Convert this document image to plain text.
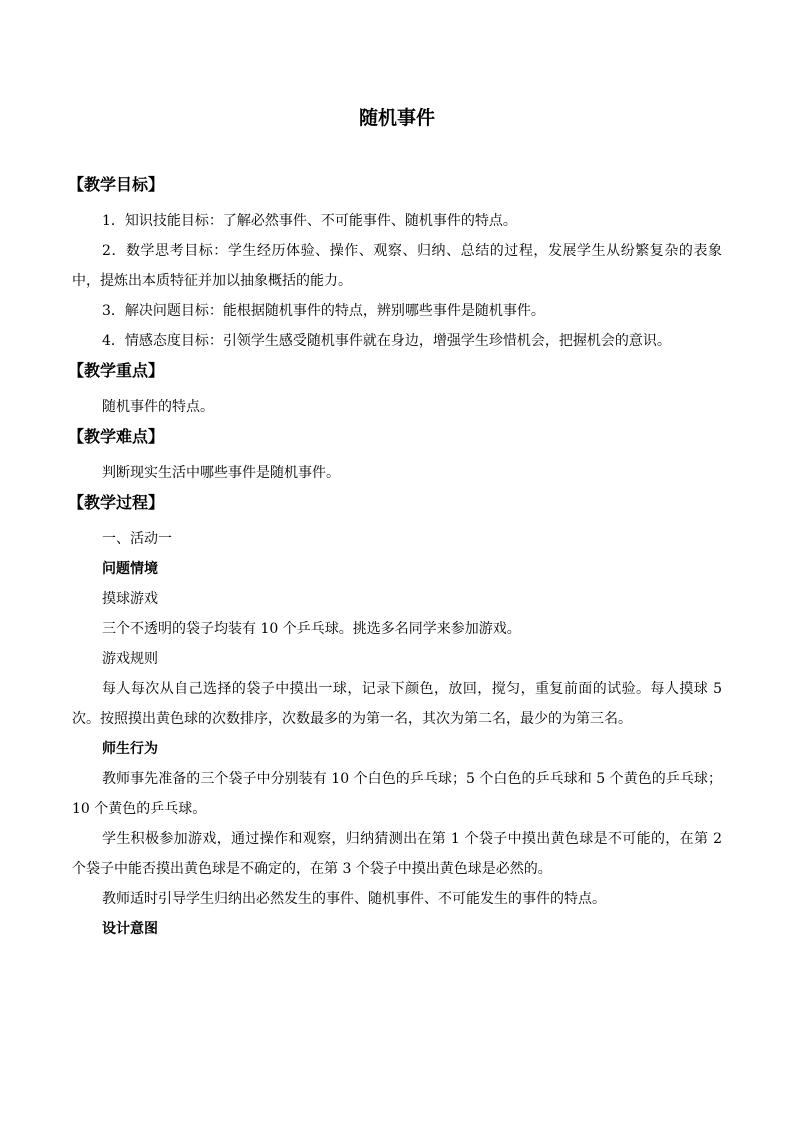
随机事件
【教学目标】

1．知识技能目标：了解必然事件、不可能事件、随机事件的特点。

2．数学思考目标：学生经历体验、操作、观察、归纳、总结的过程，发展学生从纷繁复杂的表象中，提炼出本质特征并加以抽象概括的能力。

3．解决问题目标：能根据随机事件的特点，辨别哪些事件是随机事件。

4．情感态度目标：引领学生感受随机事件就在身边，增强学生珍惜机会，把握机会的意识。

【教学重点】

随机事件的特点。

【教学难点】

判断现实生活中哪些事件是随机事件。

【教学过程】

一、活动一

问题情境

摸球游戏

三个不透明的袋子均装有 10 个乒乓球。挑选多名同学来参加游戏。

游戏规则

每人每次从自己选择的袋子中摸出一球，记录下颜色，放回，搅匀，重复前面的试验。每人摸球 5 次。按照摸出黄色球的次数排序，次数最多的为第一名，其次为第二名，最少的为第三名。

师生行为

教师事先准备的三个袋子中分别装有 10 个白色的乒乓球；5 个白色的乒乓球和 5 个黄色的乒乓球；10 个黄色的乒乓球。

学生积极参加游戏，通过操作和观察，归纳猜测出在第 1 个袋子中摸出黄色球是不可能的，在第 2 个袋子中能否摸出黄色球是不确定的，在第 3 个袋子中摸出黄色球是必然的。

教师适时引导学生归纳出必然发生的事件、随机事件、不可能发生的事件的特点。

设计意图
